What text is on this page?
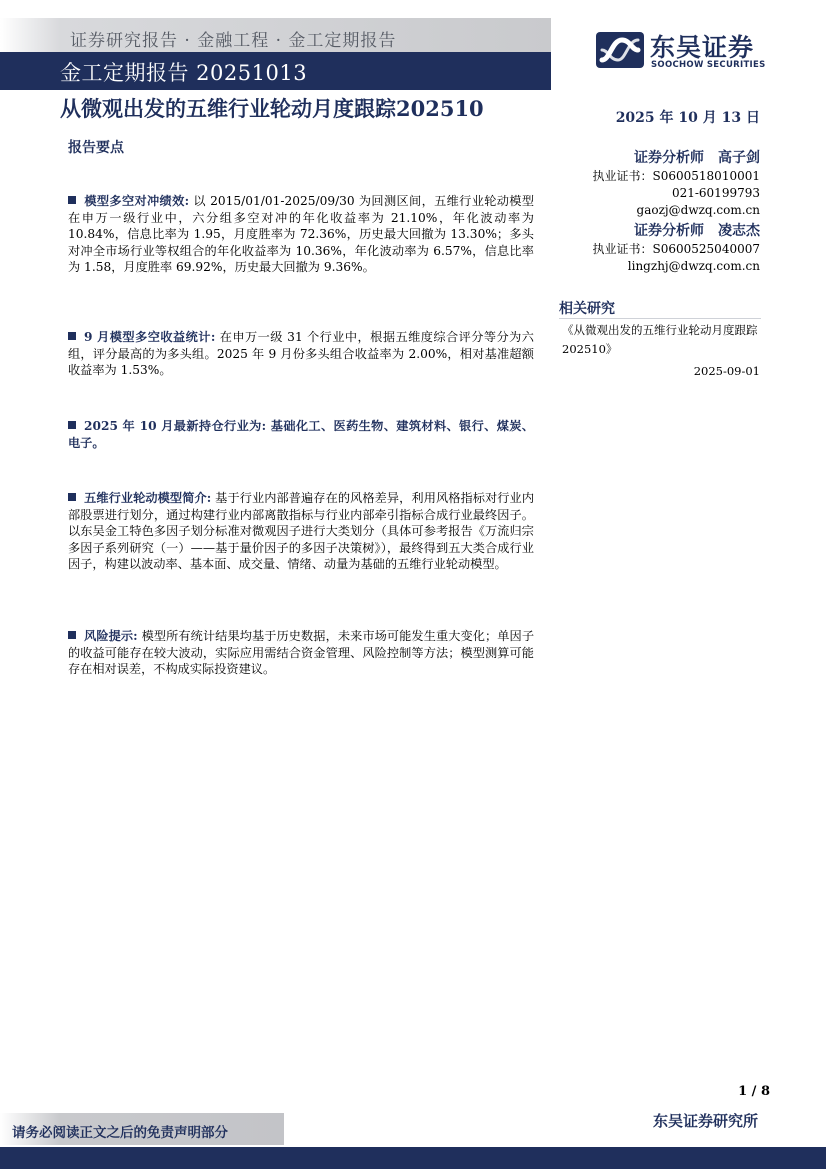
证券研究报告 · 金融工程 · 金工定期报告
金工定期报告 20251013
从微观出发的五维行业轮动月度跟踪202510	2025 年 10 月 13 日
东吴证券
SOOCHOW SECURITIES
报告要点
模型多空对冲绩效: 以 2015/01/01-2025/09/30 为回测区间，五维行业轮动模型在申万一级行业中，六分组多空对冲的年化收益率为 21.10%，年化波动率为 10.84%，信息比率为 1.95，月度胜率为 72.36%，历史最大回撤为 13.30%；多头对冲全市场行业等权组合的年化收益率为 10.36%，年化波动率为 6.57%，信息比率为 1.58，月度胜率 69.92%，历史最大回撤为 9.36%。
9 月模型多空收益统计: 在申万一级 31 个行业中，根据五维度综合评分等分为六组，评分最高的为多头组。2025 年 9 月份多头组合收益率为 2.00%，相对基准超额收益率为 1.53%。
2025 年 10 月最新持仓行业为: 基础化工、医药生物、建筑材料、银行、煤炭、电子。
五维行业轮动模型简介: 基于行业内部普遍存在的风格差异，利用风格指标对行业内部股票进行划分，通过构建行业内部离散指标与行业内部牵引指标合成行业最终因子。以东吴金工特色多因子划分标准对微观因子进行大类划分（具体可参考报告《万流归宗多因子系列研究（一）——基于量价因子的多因子决策树》），最终得到五大类合成行业因子，构建以波动率、基本面、成交量、情绪、动量为基础的五维行业轮动模型。
风险提示: 模型所有统计结果均基于历史数据，未来市场可能发生重大变化；单因子的收益可能存在较大波动，实际应用需结合资金管理、风险控制等方法；模型测算可能存在相对误差，不构成实际投资建议。
证券分析师　高子剑
执业证书：S0600518010001
021-60199793
gaozj@dwzq.com.cn
证券分析师　凌志杰
执业证书：S0600525040007
lingzhj@dwzq.com.cn
相关研究
《从微观出发的五维行业轮动月度跟踪 202510》
2025-09-01
1 / 8
请务必阅读正文之后的免责声明部分
东吴证券研究所
